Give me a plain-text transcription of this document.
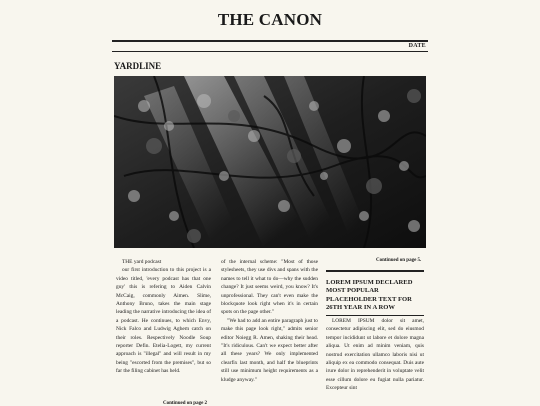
THE CANON
DATE
YARDLINE

THE yard podcast

our first introduction to this project is a video titled, 'every podcast has that one guy' this is refering to Aiden Calvin McCaig, commonly Aimen. Slime, Anthony Bruno, takes the main stage leading the narrative introducing the idea of a podcast. He continues, to which Envy, Nick Falco and Ludwig Aghem catch on their roles. Respectively Noodle Soup reporter Defin. Etelia-Logett, my current approach is "illegal" and will result in my being "escorted from the premises", but so far the filing cabinet has held.

Continued on page 2

of the internal scheme: "Most of those stylesheets, they use divs and spans with the names to tell it what to do—why the sudden change? It just seems weird, you know? It's unprofessional. They can't even make the blockquote look right when it's in certain spots on the page other."

"We had to add an entire paragraph just to make this page look right," admits senior editor Noiegg R. Amen, shaking their head. "It's ridiculous. Can't we expect better after all these years? We only implemented clearfix last month, and half the blueprints still use minimum height requirements as a kludge anyway."

Continued on page 5.
LOREM IPSUM DECLARED MOST POPULAR PLACEHOLDER TEXT FOR 26TH YEAR IN A ROW

LOREM IPSUM dolor sit amet, consectetur adipiscing elit, sed do eiusmod tempor incididunt ut labore et dolore magna aliqua. Ut enim ad minim veniam, quis nostrud exercitation ullamco laboris nisi ut aliquip ex ea commodo consequat. Duis aute irure dolor in reprehenderit in voluptate velit esse cillum dolore eu fugiat nulla pariatur. Excepteur sint
